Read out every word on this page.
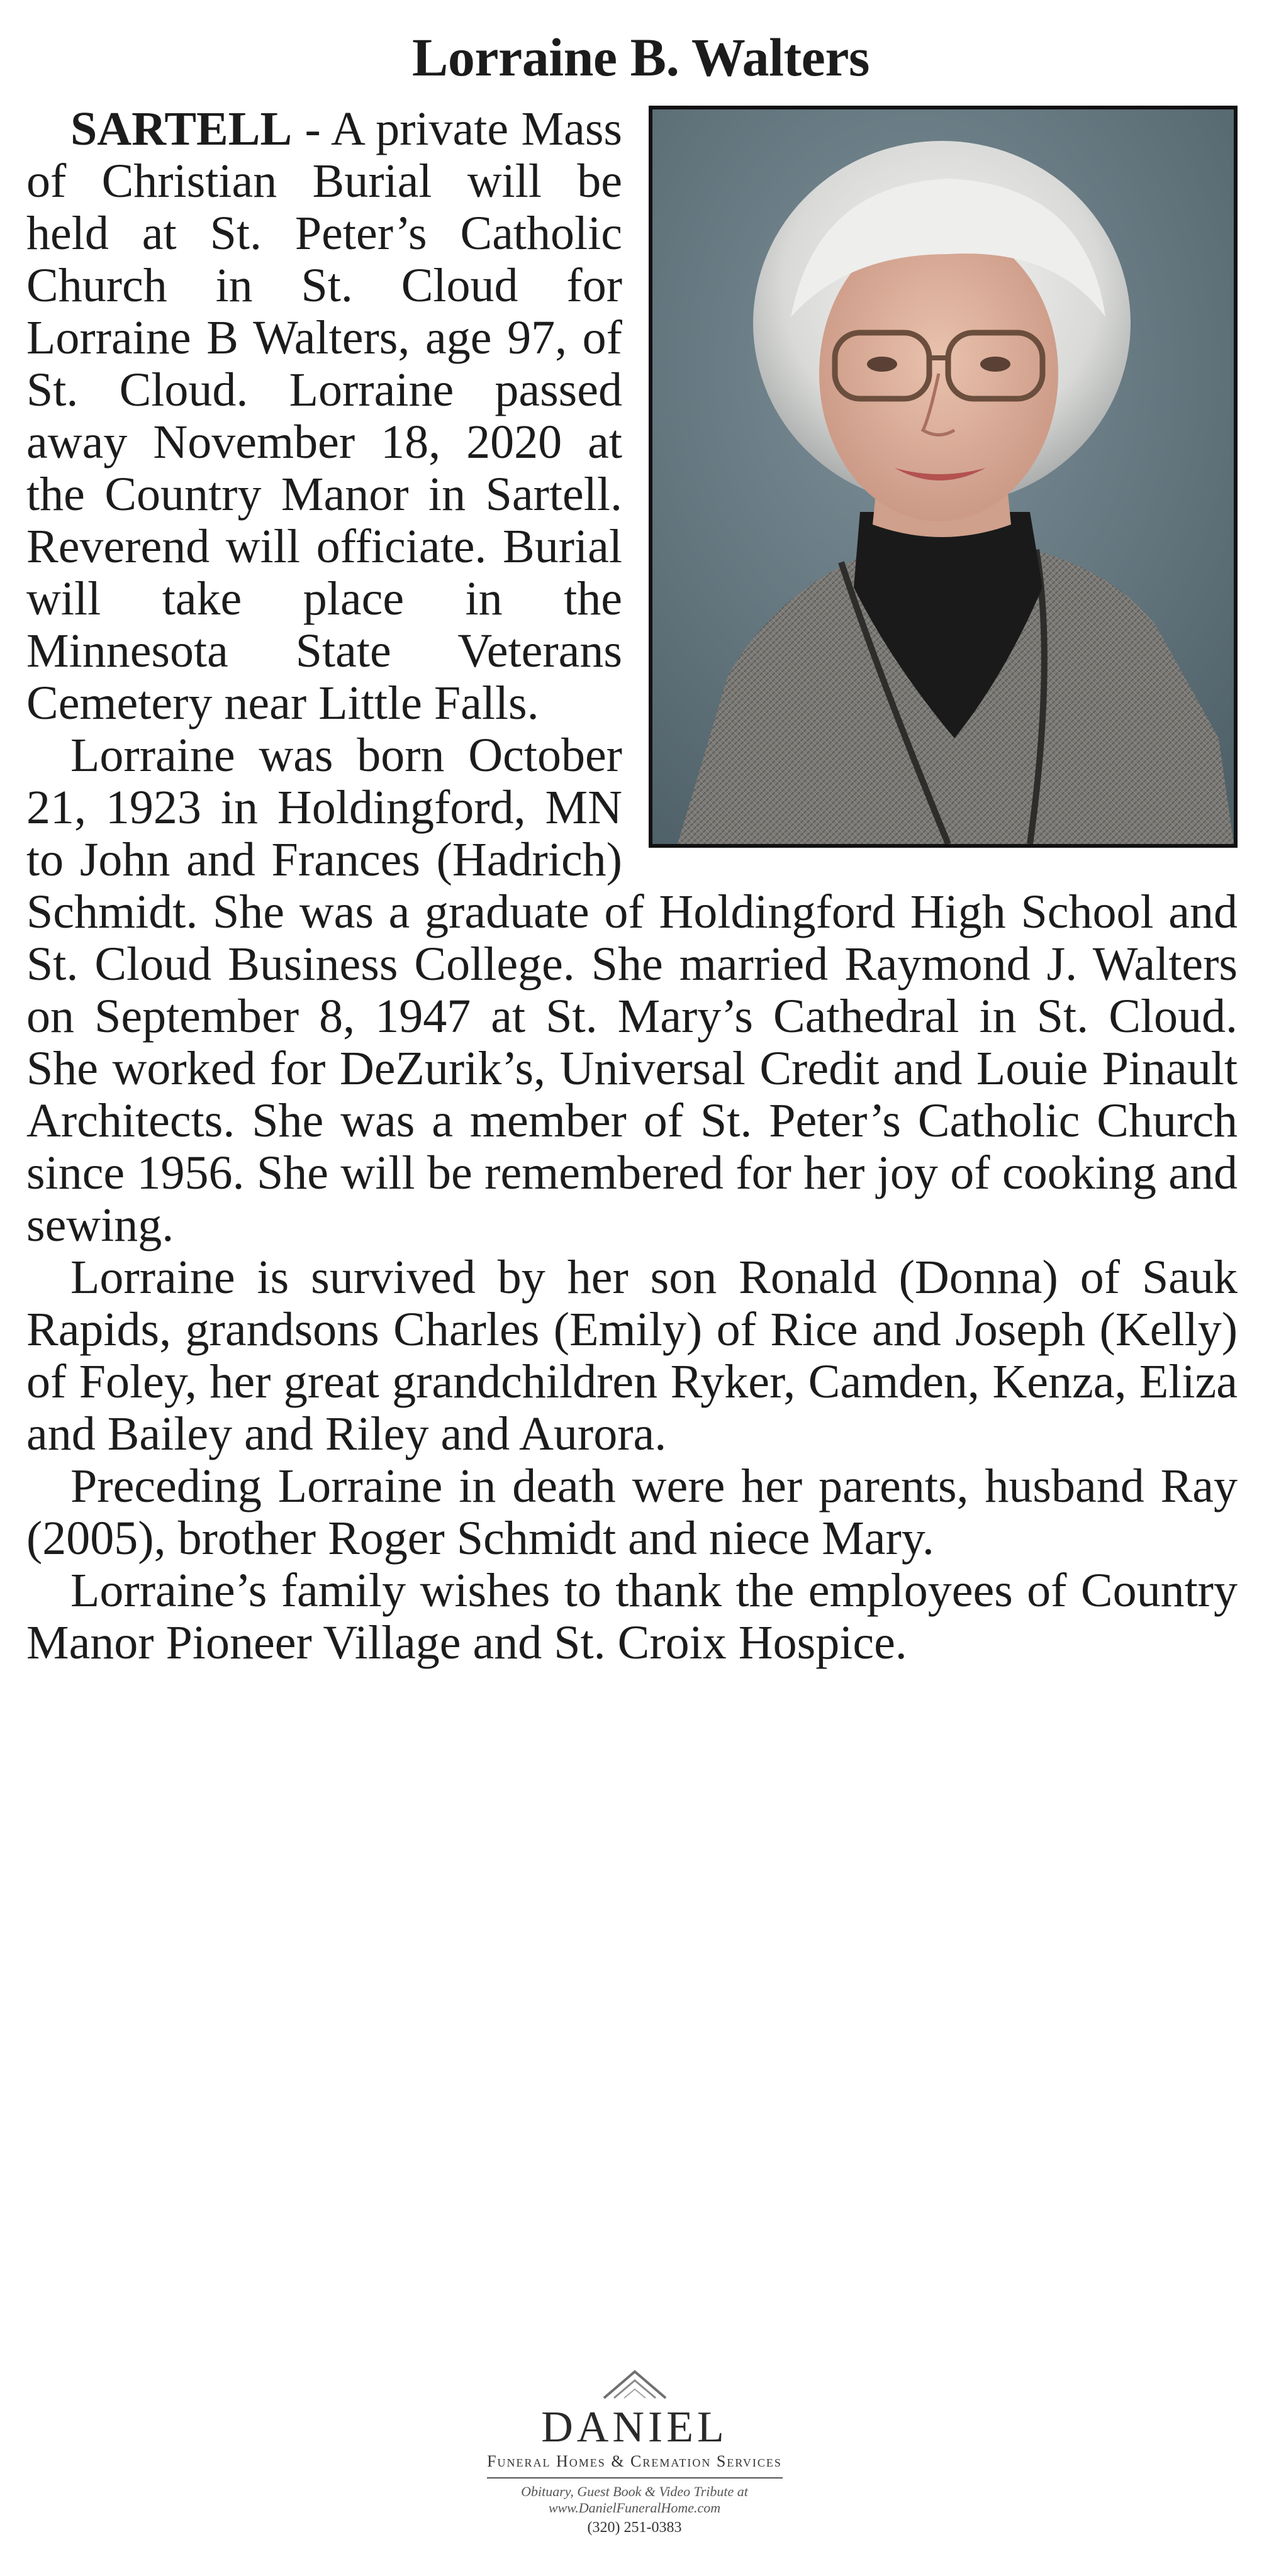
Lorraine B. Walters

SARTELL - A private Mass of Christian Burial will be held at St. Peter’s Catholic Church in St. Cloud for Lorraine B Walters, age 97, of St. Cloud. Lorraine passed away November 18, 2020 at the Country Manor in Sartell. Reverend will officiate. Burial will take place in the Minnesota State Veterans Cemetery near Little Falls.

Lorraine was born October 21, 1923 in Holdingford, MN to John and Frances (Hadrich) Schmidt. She was a graduate of Holdingford High School and St. Cloud Business College. She married Raymond J. Walters on September 8, 1947 at St. Mary’s Cathedral in St. Cloud. She worked for DeZurik’s, Universal Credit and Louie Pinault Architects. She was a member of St. Peter’s Catholic Church since 1956. She will be remembered for her joy of cooking and sewing.

Lorraine is survived by her son Ronald (Donna) of Sauk Rapids, grandsons Charles (Emily) of Rice and Joseph (Kelly) of Foley, her great grandchildren Ryker, Camden, Kenza, Eliza and Bailey and Riley and Aurora.

Preceding Lorraine in death were her parents, husband Ray (2005), brother Roger Schmidt and niece Mary.

Lorraine’s family wishes to thank the employees of Country Manor Pioneer Village and St. Croix Hospice.

DANIEL
Funeral Homes & Cremation Services
Obituary, Guest Book & Video Tribute at
www.DanielFuneralHome.com
(320) 251-0383
